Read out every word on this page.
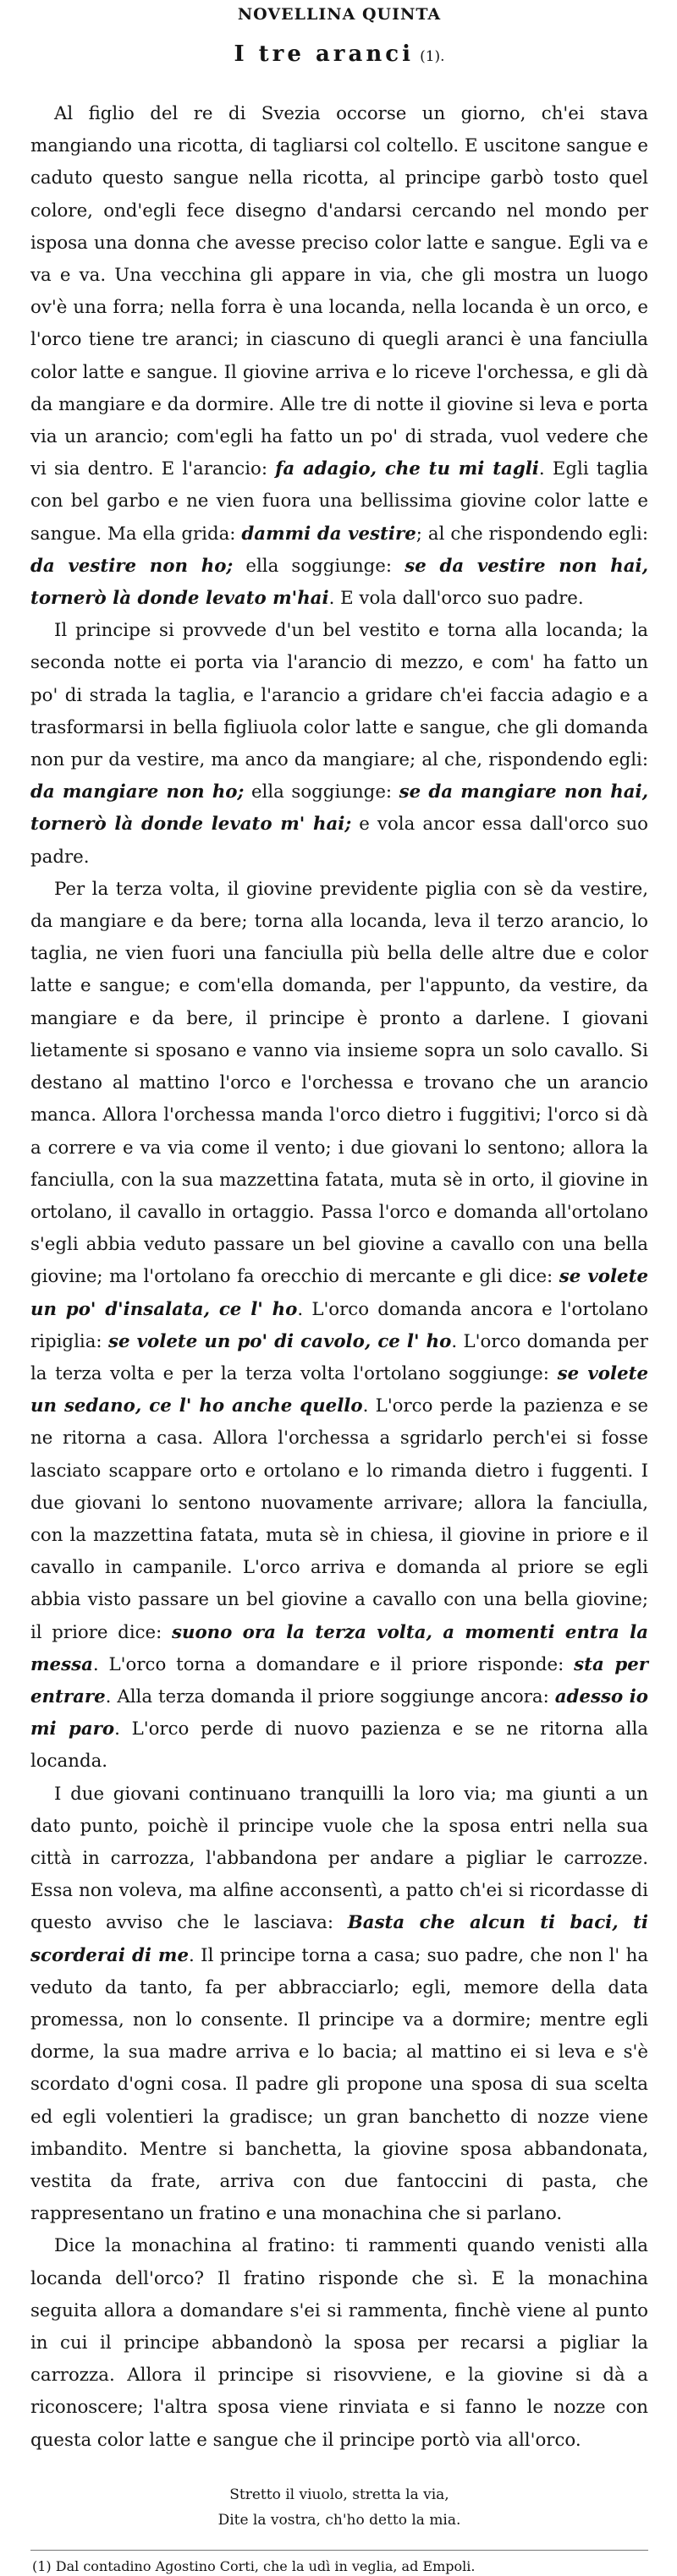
NOVELLINA QUINTA
I tre aranci (1).

Al figlio del re di Svezia occorse un giorno, ch'ei stava mangiando una ricotta, di tagliarsi col coltello. E uscitone sangue e caduto questo sangue nella ricotta, al principe garbò tosto quel colore, ond'egli fece disegno d'andarsi cercando nel mondo per isposa una donna che avesse preciso color latte e sangue. Egli va e va e va. Una vecchina gli appare in via, che gli mostra un luogo ov'è una forra; nella forra è una locanda, nella locanda è un orco, e l'orco tiene tre aranci; in ciascuno di quegli aranci è una fanciulla color latte e sangue. Il giovine arriva e lo riceve l'orchessa, e gli dà da mangiare e da dormire. Alle tre di notte il giovine si leva e porta via un arancio; com'egli ha fatto un po' di strada, vuol vedere che vi sia dentro. E l'arancio: fa adagio, che tu mi tagli. Egli taglia con bel garbo e ne vien fuora una bellissima giovine color latte e sangue. Ma ella grida: dammi da vestire; al che rispondendo egli: da vestire non ho; ella soggiunge: se da vestire non hai, tornerò là donde levato m'hai. E vola dall'orco suo padre.

Il principe si provvede d'un bel vestito e torna alla locanda; la seconda notte ei porta via l'arancio di mezzo, e com' ha fatto un po' di strada la taglia, e l'arancio a gridare ch'ei faccia adagio e a trasformarsi in bella figliuola color latte e sangue, che gli domanda non pur da vestire, ma anco da mangiare; al che, rispondendo egli: da mangiare non ho; ella soggiunge: se da mangiare non hai, tornerò là donde levato m' hai; e vola ancor essa dall'orco suo padre.

Per la terza volta, il giovine previdente piglia con sè da vestire, da mangiare e da bere; torna alla locanda, leva il terzo arancio, lo taglia, ne vien fuori una fanciulla più bella delle altre due e color latte e sangue; e com'ella domanda, per l'appunto, da vestire, da mangiare e da bere, il principe è pronto a darlene. I giovani lietamente si sposano e vanno via insieme sopra un solo cavallo. Si destano al mattino l'orco e l'orchessa e trovano che un arancio manca. Allora l'orchessa manda l'orco dietro i fuggitivi; l'orco si dà a correre e va via come il vento; i due giovani lo sentono; allora la fanciulla, con la sua mazzettina fatata, muta sè in orto, il giovine in ortolano, il cavallo in ortaggio. Passa l'orco e domanda all'ortolano s'egli abbia veduto passare un bel giovine a cavallo con una bella giovine; ma l'ortolano fa orecchio di mercante e gli dice: se volete un po' d'insalata, ce l' ho. L'orco domanda ancora e l'ortolano ripiglia: se volete un po' di cavolo, ce l' ho. L'orco domanda per la terza volta e per la terza volta l'ortolano soggiunge: se volete un sedano, ce l' ho anche quello. L'orco perde la pazienza e se ne ritorna a casa. Allora l'orchessa a sgridarlo perch'ei si fosse lasciato scappare orto e ortolano e lo rimanda dietro i fuggenti. I due giovani lo sentono nuovamente arrivare; allora la fanciulla, con la mazzettina fatata, muta sè in chiesa, il giovine in priore e il cavallo in campanile. L'orco arriva e domanda al priore se egli abbia visto passare un bel giovine a cavallo con una bella giovine; il priore dice: suono ora la terza volta, a momenti entra la messa. L'orco torna a domandare e il priore risponde: sta per entrare. Alla terza domanda il priore soggiunge ancora: adesso io mi paro. L'orco perde di nuovo pazienza e se ne ritorna alla locanda.

I due giovani continuano tranquilli la loro via; ma giunti a un dato punto, poichè il principe vuole che la sposa entri nella sua città in carrozza, l'abbandona per andare a pigliar le carrozze. Essa non voleva, ma alfine acconsentì, a patto ch'ei si ricordasse di questo avviso che le lasciava: Basta che alcun ti baci, ti scorderai di me. Il principe torna a casa; suo padre, che non l' ha veduto da tanto, fa per abbracciarlo; egli, memore della data promessa, non lo consente. Il principe va a dormire; mentre egli dorme, la sua madre arriva e lo bacia; al mattino ei si leva e s'è scordato d'ogni cosa. Il padre gli propone una sposa di sua scelta ed egli volentieri la gradisce; un gran banchetto di nozze viene imbandito. Mentre si banchetta, la giovine sposa abbandonata, vestita da frate, arriva con due fantoccini di pasta, che rappresentano un fratino e una monachina che si parlano.

Dice la monachina al fratino: ti rammenti quando venisti alla locanda dell'orco? Il fratino risponde che sì. E la monachina seguita allora a domandare s'ei si rammenta, finchè viene al punto in cui il principe abbandonò la sposa per recarsi a pigliar la carrozza. Allora il principe si risovviene, e la giovine si dà a riconoscere; l'altra sposa viene rinviata e si fanno le nozze con questa color latte e sangue che il principe portò via all'orco.

Stretto il viuolo, stretta la via,
Dite la vostra, ch'ho detto la mia.
(1) Dal contadino Agostino Corti, che la udì in veglia, ad Empoli.
